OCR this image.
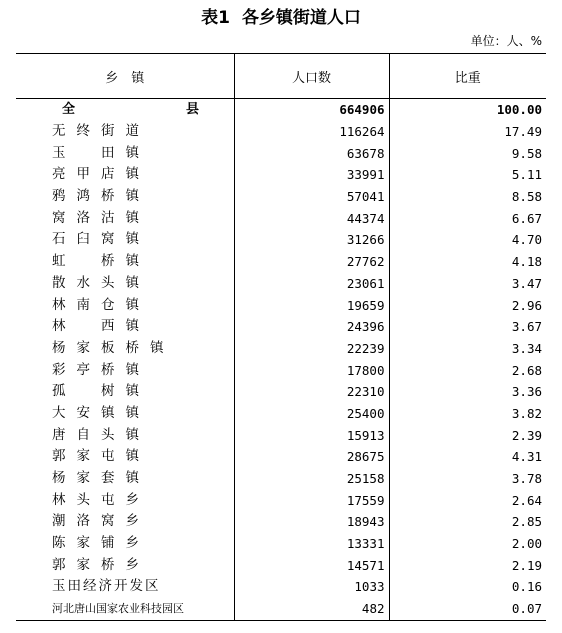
表1 各乡镇街道人口
单位：人、%
乡　镇	人口数	比重

全 县	664906	100.00
无终街道	116264	17.49
玉　田镇	63678	9.58
亮甲店镇	33991	5.11
鸦鸿桥镇	57041	8.58
窝洛沽镇	44374	6.67
石臼窝镇	31266	4.70
虹　桥镇	27762	4.18
散水头镇	23061	3.47
林南仓镇	19659	2.96
林　西镇	24396	3.67
杨家板桥镇	22239	3.34
彩亭桥镇	17800	2.68
孤　树镇	22310	3.36
大安镇镇	25400	3.82
唐自头镇	15913	2.39
郭家屯镇	28675	4.31
杨家套镇	25158	3.78
林头屯乡	17559	2.64
潮洛窝乡	18943	2.85
陈家铺乡	13331	2.00
郭家桥乡	14571	2.19
玉田经济开发区	1033	0.16
河北唐山国家农业科技园区	482	0.07
